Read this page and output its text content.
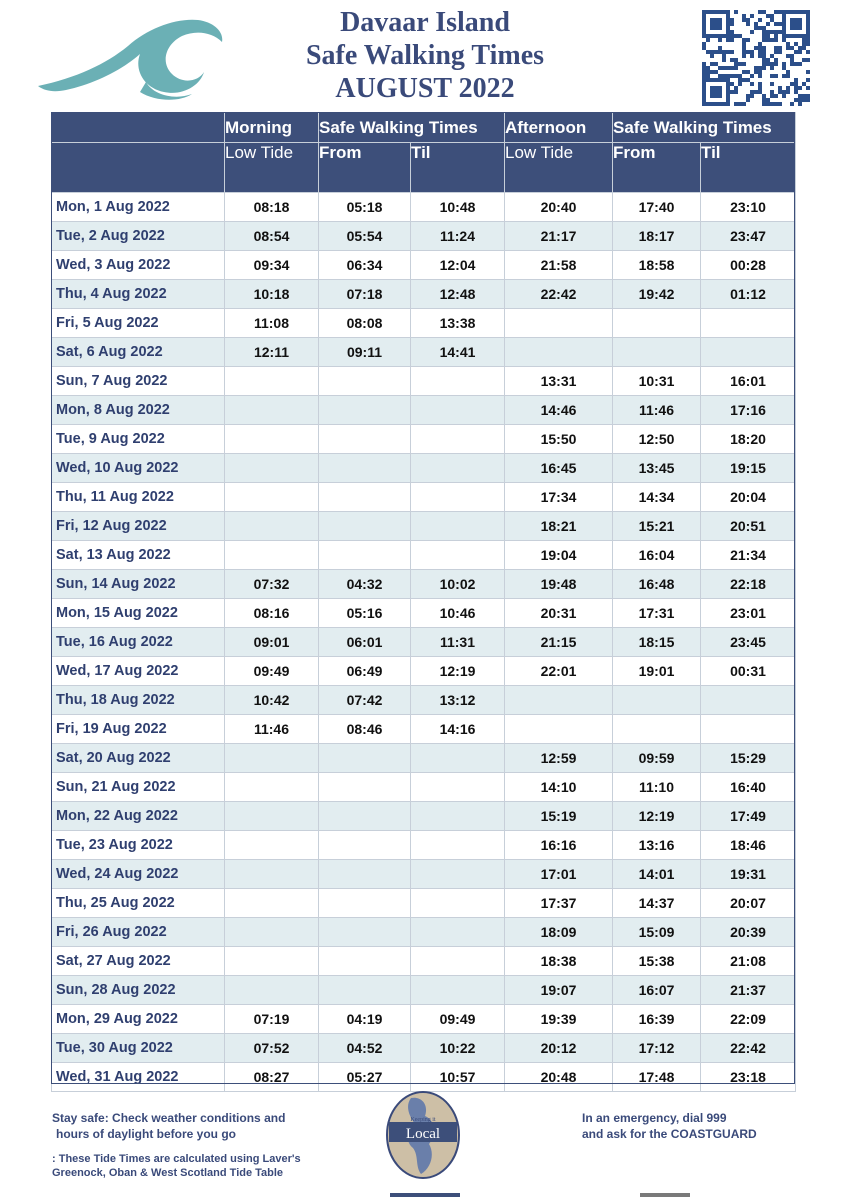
Davaar Island
Safe Walking Times
AUGUST 2022
	Morning	Safe Walking Times		Afternoon	Safe Walking Times	
	Low Tide	From	Til	Low Tide	From	Til
Mon, 1 Aug 2022	08:18	05:18	10:48	20:40	17:40	23:10
Tue, 2 Aug 2022	08:54	05:54	11:24	21:17	18:17	23:47
Wed, 3 Aug 2022	09:34	06:34	12:04	21:58	18:58	00:28
Thu, 4 Aug 2022	10:18	07:18	12:48	22:42	19:42	01:12
Fri, 5 Aug 2022	11:08	08:08	13:38			
Sat, 6 Aug 2022	12:11	09:11	14:41			
Sun, 7 Aug 2022				13:31	10:31	16:01
Mon, 8 Aug 2022				14:46	11:46	17:16
Tue, 9 Aug 2022				15:50	12:50	18:20
Wed, 10 Aug 2022				16:45	13:45	19:15
Thu, 11 Aug 2022				17:34	14:34	20:04
Fri, 12 Aug 2022				18:21	15:21	20:51
Sat, 13 Aug 2022				19:04	16:04	21:34
Sun, 14 Aug 2022	07:32	04:32	10:02	19:48	16:48	22:18
Mon, 15 Aug 2022	08:16	05:16	10:46	20:31	17:31	23:01
Tue, 16 Aug 2022	09:01	06:01	11:31	21:15	18:15	23:45
Wed, 17 Aug 2022	09:49	06:49	12:19	22:01	19:01	00:31
Thu, 18 Aug 2022	10:42	07:42	13:12			
Fri, 19 Aug 2022	11:46	08:46	14:16			
Sat, 20 Aug 2022				12:59	09:59	15:29
Sun, 21 Aug 2022				14:10	11:10	16:40
Mon, 22 Aug 2022				15:19	12:19	17:49
Tue, 23 Aug 2022				16:16	13:16	18:46
Wed, 24 Aug 2022				17:01	14:01	19:31
Thu, 25 Aug 2022				17:37	14:37	20:07
Fri, 26 Aug 2022				18:09	15:09	20:39
Sat, 27 Aug 2022				18:38	15:38	21:08
Sun, 28 Aug 2022				19:07	16:07	21:37
Mon, 29 Aug 2022	07:19	04:19	09:49	19:39	16:39	22:09
Tue, 30 Aug 2022	07:52	04:52	10:22	20:12	17:12	22:42
Wed, 31 Aug 2022	08:27	05:27	10:57	20:48	17:48	23:18
Stay safe: Check weather conditions and
hours of daylight before you go
: These Tide Times are calculated using Laver's
Greenock, Oban & West Scotland Tide Table
In an emergency, dial 999
and ask for the COASTGUARD
Keeping it
Local
